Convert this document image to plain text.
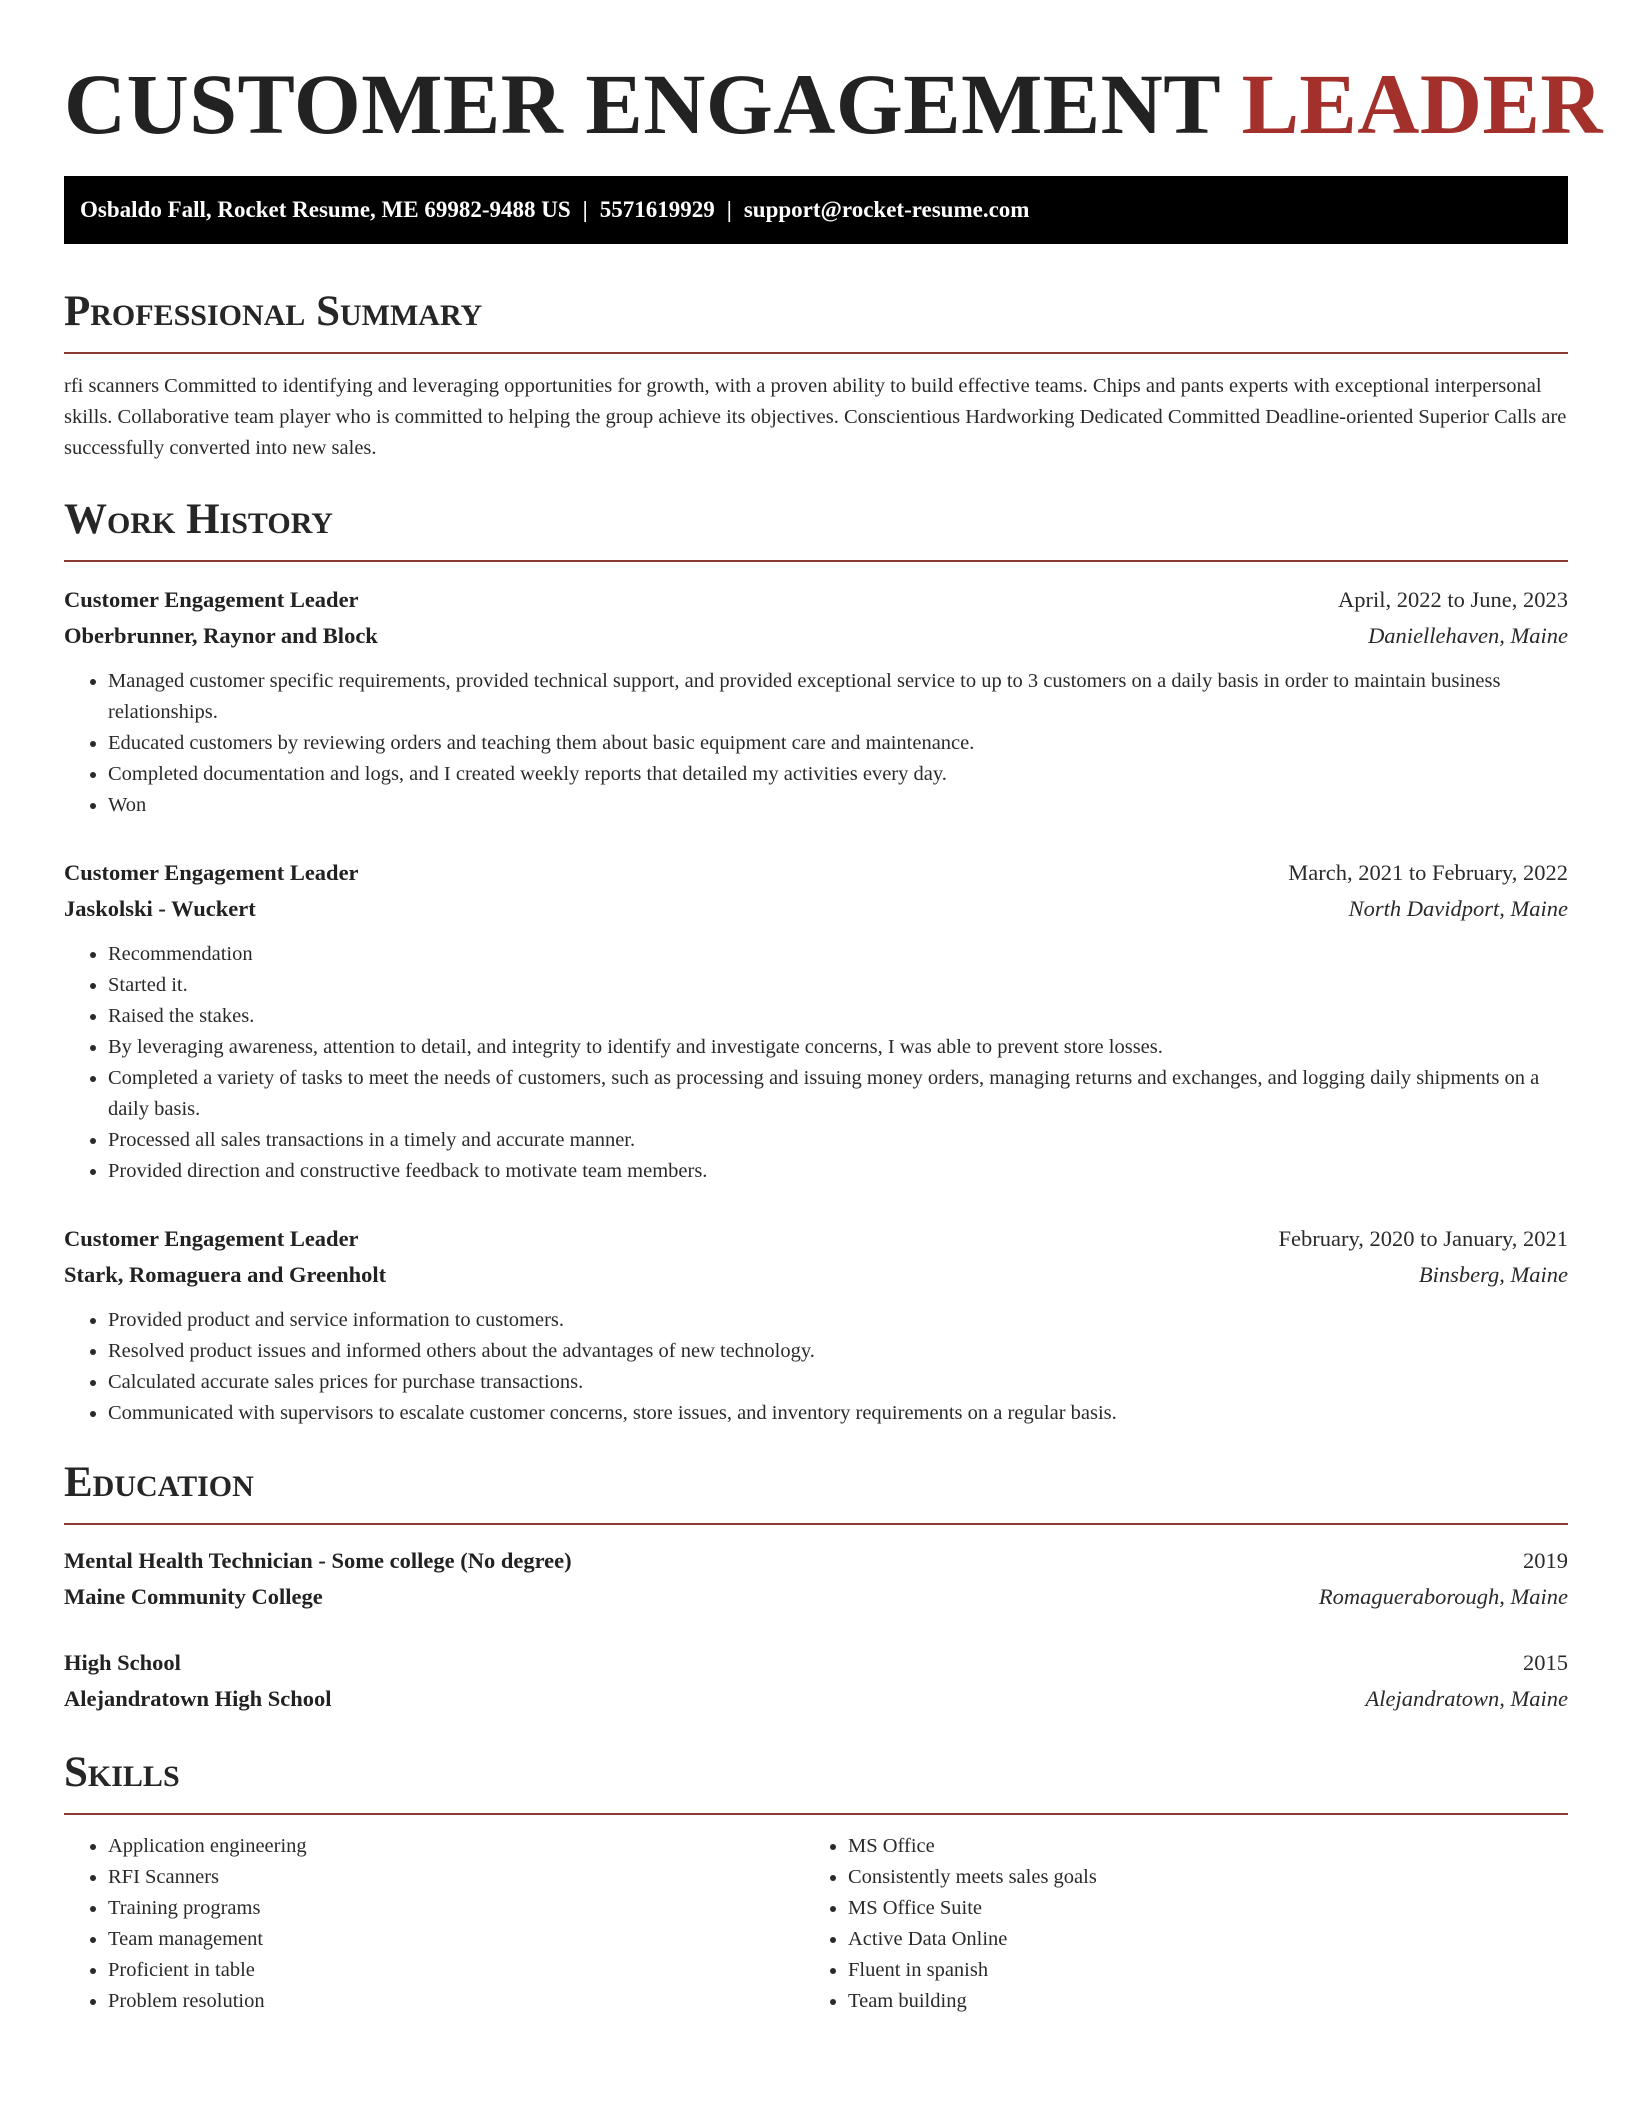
CUSTOMER ENGAGEMENT LEADER
Osbaldo Fall, Rocket Resume, ME 69982-9488 US | 5571619929 | support@rocket-resume.com
Professional Summary

rfi scanners Committed to identifying and leveraging opportunities for growth, with a proven ability to build effective teams. Chips and pants experts with exceptional interpersonal skills. Collaborative team player who is committed to helping the group achieve its objectives. Conscientious Hardworking Dedicated Committed Deadline-oriented Superior Calls are successfully converted into new sales.

Work History
Customer Engagement Leader	April, 2022 to June, 2023
Oberbrunner, Raynor and Block	Daniellehaven, Maine
• Managed customer specific requirements, provided technical support, and provided exceptional service to up to 3 customers on a daily basis in order to maintain business relationships.
• Educated customers by reviewing orders and teaching them about basic equipment care and maintenance.
• Completed documentation and logs, and I created weekly reports that detailed my activities every day.
• Won
Customer Engagement Leader	March, 2021 to February, 2022
Jaskolski - Wuckert	North Davidport, Maine
• Recommendation
• Started it.
• Raised the stakes.
• By leveraging awareness, attention to detail, and integrity to identify and investigate concerns, I was able to prevent store losses.
• Completed a variety of tasks to meet the needs of customers, such as processing and issuing money orders, managing returns and exchanges, and logging daily shipments on a daily basis.
• Processed all sales transactions in a timely and accurate manner.
• Provided direction and constructive feedback to motivate team members.
Customer Engagement Leader	February, 2020 to January, 2021
Stark, Romaguera and Greenholt	Binsberg, Maine
• Provided product and service information to customers.
• Resolved product issues and informed others about the advantages of new technology.
• Calculated accurate sales prices for purchase transactions.
• Communicated with supervisors to escalate customer concerns, store issues, and inventory requirements on a regular basis.
Education
Mental Health Technician - Some college (No degree)	2019
Maine Community College	Romagueraborough, Maine
High School	2015
Alejandratown High School	Alejandratown, Maine
Skills
• Application engineering
• RFI Scanners
• Training programs
• Team management
• Proficient in table
• Problem resolution
• MS Office
• Consistently meets sales goals
• MS Office Suite
• Active Data Online
• Fluent in spanish
• Team building
